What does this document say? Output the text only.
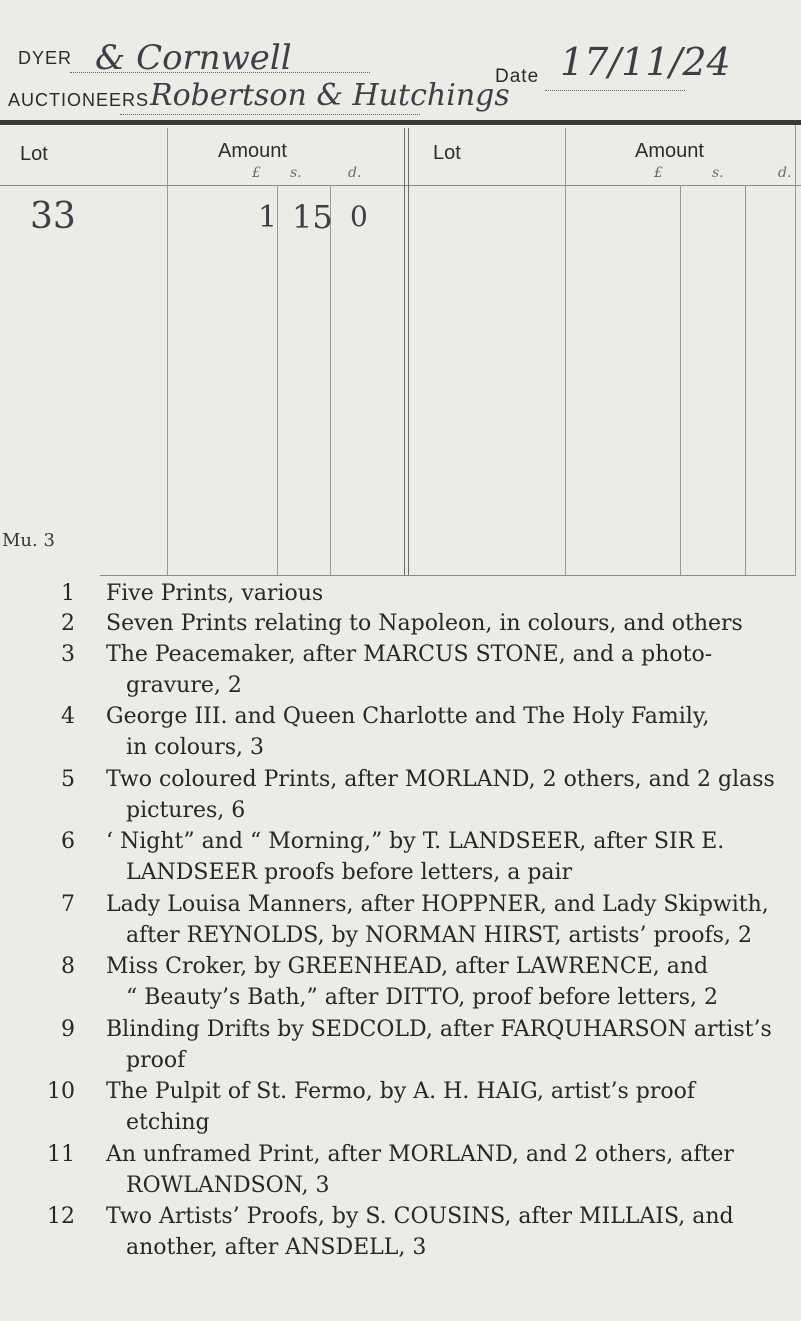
DYER
AUCTIONEERS
& Cornwell
Robertson & Hutchings
Date 17/11/24
Lot	Amount	Lot	Amount
£ s.	d.	£	s.	d.
33	1 15 0
Mu. 3
1 Five Prints, various
2 Seven Prints relating to Napoleon, in colours, and others
3 The Peacemaker, after MARCUS STONE, and a photo-
gravure, 2
4 George III. and Queen Charlotte and The Holy Family,
in colours, 3
5 Two coloured Prints, after MORLAND, 2 others, and 2 glass
pictures, 6
6 ‘ Night” and “ Morning,” by T. LANDSEER, after SIR E.
LANDSEER proofs before letters, a pair
7 Lady Louisa Manners, after HOPPNER, and Lady Skipwith,
after REYNOLDS, by NORMAN HIRST, artists’ proofs, 2
8 Miss Croker, by GREENHEAD, after LAWRENCE, and
“ Beauty’s Bath,” after DITTO, proof before letters, 2
9 Blinding Drifts by SEDCOLD, after FARQUHARSON artist’s
proof
10 The Pulpit of St. Fermo, by A. H. HAIG, artist’s proof
etching
11 An unframed Print, after MORLAND, and 2 others, after
ROWLANDSON, 3
12 Two Artists’ Proofs, by S. COUSINS, after MILLAIS, and
another, after ANSDELL, 3
